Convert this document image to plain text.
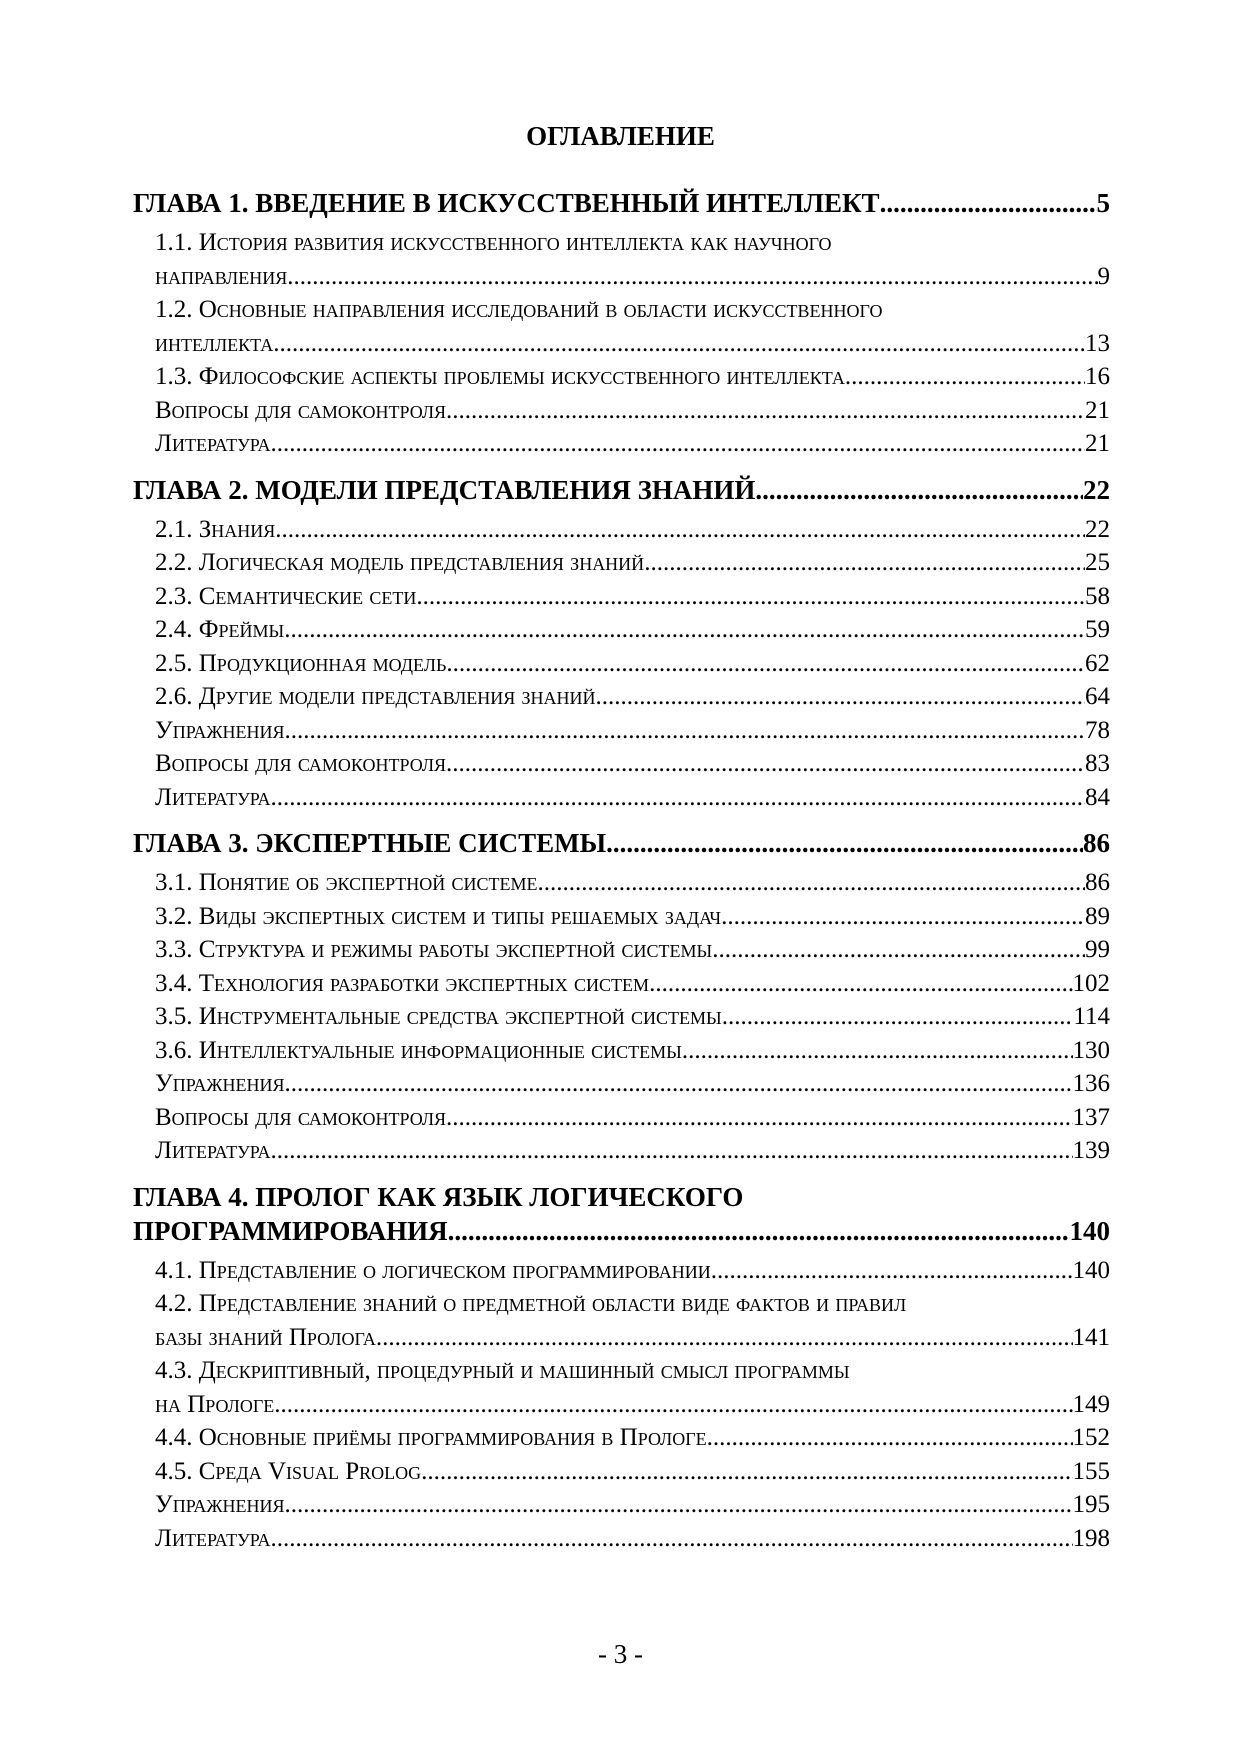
ОГЛАВЛЕНИЕ
ГЛАВА 1. ВВЕДЕНИЕ В ИСКУССТВЕННЫЙ ИНТЕЛЛЕКТ .....	5
1.1. История развития искусственного интеллекта как научного
направления .....	9
1.2. Основные направления исследований в области искусственного
интеллекта .....	13
1.3. Философские аспекты проблемы искусственного интеллекта .....	16
Вопросы для самоконтроля .....	21
Литература .....	21
ГЛАВА 2. МОДЕЛИ ПРЕДСТАВЛЕНИЯ ЗНАНИЙ .....	22
2.1. Знания .....	22
2.2. Логическая модель представления знаний .....	25
2.3. Семантические сети .....	58
2.4. Фреймы .....	59
2.5. Продукционная модель .....	62
2.6. Другие модели представления знаний .....	64
Упражнения .....	78
Вопросы для самоконтроля .....	83
Литература .....	84
ГЛАВА 3. ЭКСПЕРТНЫЕ СИСТЕМЫ .....	86
3.1. Понятие об экспертной системе .....	86
3.2. Виды экспертных систем и типы решаемых задач .....	89
3.3. Структура и режимы работы экспертной системы .....	99
3.4. Технология разработки экспертных систем .....	102
3.5. Инструментальные средства экспертной системы .....	114
3.6. Интеллектуальные информационные системы .....	130
Упражнения .....	136
Вопросы для самоконтроля .....	137
Литература .....	139
ГЛАВА 4. ПРОЛОГ КАК ЯЗЫК ЛОГИЧЕСКОГО
ПРОГРАММИРОВАНИЯ .....	140
4.1. Представление о логическом программировании .....	140
4.2. Представление знаний о предметной области виде фактов и правил
базы знаний Пролога .....	141
4.3. Дескриптивный, процедурный и машинный смысл программы
на Прологе .....	149
4.4. Основные приёмы программирования в Прологе .....	152
4.5. Среда Visual Prolog .....	155
Упражнения .....	195
Литература .....	198
- 3 -
